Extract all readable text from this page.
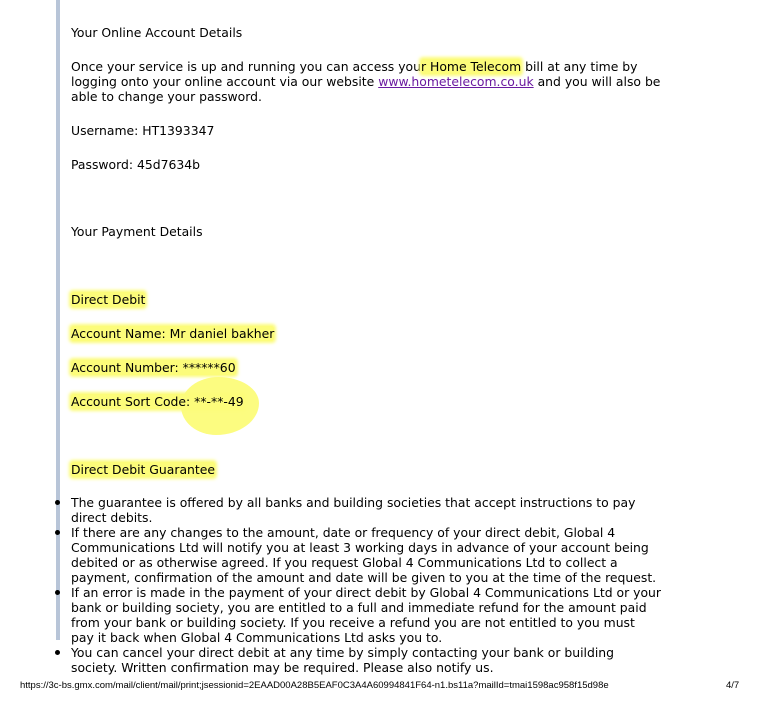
Your Online Account Details
Once your service is up and running you can access your Home Telecom bill at any time by logging onto your online account via our website www.hometelecom.co.uk and you will also be able to change your password.
Username: HT1393347
Password: 45d7634b
Your Payment Details
Direct Debit
Account Name: Mr daniel bakher
Account Number: ******60
Account Sort Code: **-**-49
Direct Debit Guarantee
The guarantee is offered by all banks and building societies that accept instructions to pay direct debits.
If there are any changes to the amount, date or frequency of your direct debit, Global 4 Communications Ltd will notify you at least 3 working days in advance of your account being debited or as otherwise agreed. If you request Global 4 Communications Ltd to collect a payment, confirmation of the amount and date will be given to you at the time of the request.
If an error is made in the payment of your direct debit by Global 4 Communications Ltd or your bank or building society, you are entitled to a full and immediate refund for the amount paid from your bank or building society. If you receive a refund you are not entitled to you must pay it back when Global 4 Communications Ltd asks you to.
You can cancel your direct debit at any time by simply contacting your bank or building society. Written confirmation may be required. Please also notify us.
https://3c-bs.gmx.com/mail/client/mail/print;jsessionid=2EAAD00A28B5EAF0C3A4A60994841F64-n1.bs11a?mailId=tmai1598ac958f15d98e	4/7
